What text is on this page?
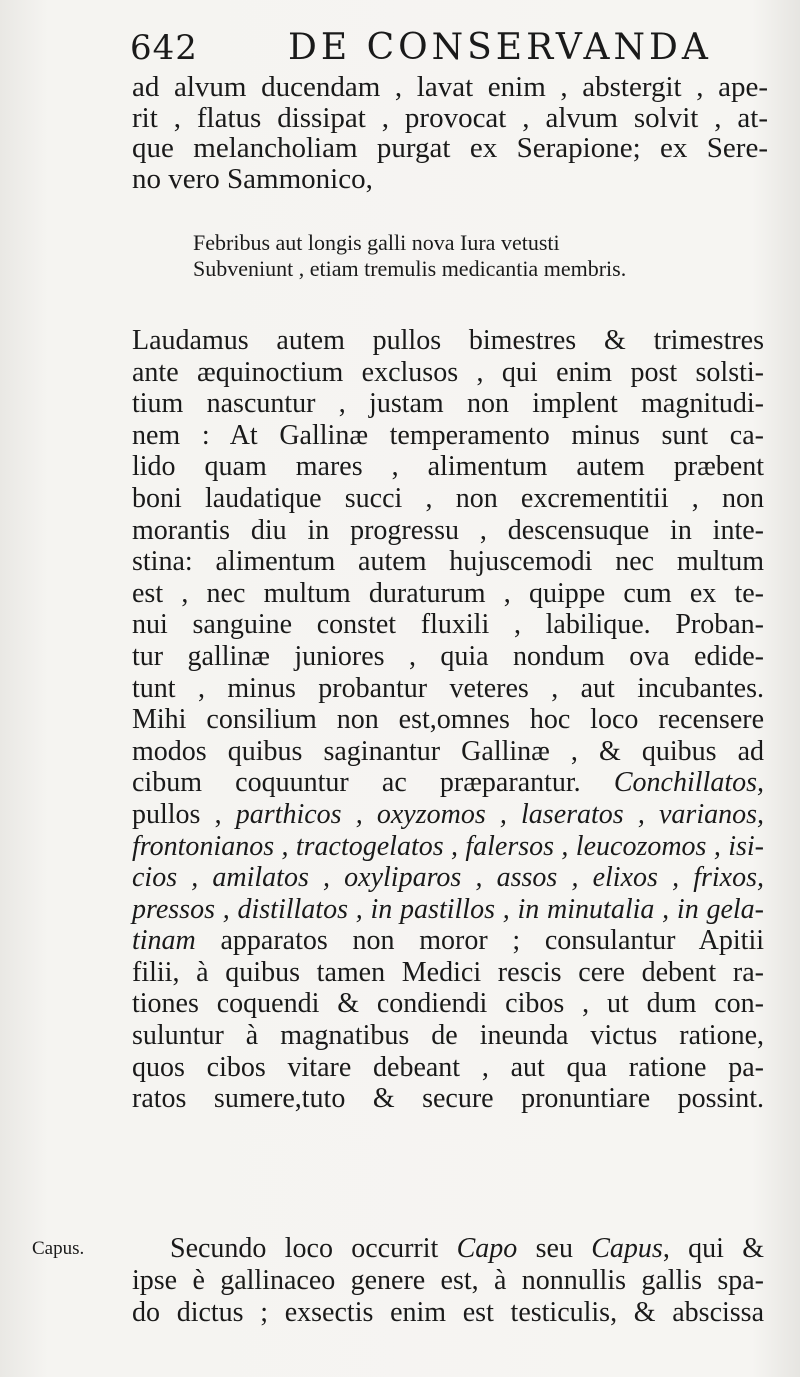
642	DE CONSERVANDA
ad alvum ducendam , lavat enim , abstergit , ape-
rit , flatus dissipat , provocat , alvum solvit , at-
que melancholiam purgat ex Serapione; ex Sere-
no vero Sammonico,
Febribus aut longis galli nova Iura vetusti
Subveniunt , etiam tremulis medicantia membris.
Laudamus autem pullos bimestres & trimestres
ante æquinoctium exclusos , qui enim post solsti-
tium nascuntur , justam non implent magnitudi-
nem : At Gallinæ temperamento minus sunt ca-
lido quam mares , alimentum autem præbent
boni laudatique succi , non excrementitii , non
morantis diu in progressu , descensuque in inte-
stina: alimentum autem hujuscemodi nec multum
est , nec multum duraturum , quippe cum ex te-
nui sanguine constet fluxili , labilique. Proban-
tur gallinæ juniores , quia nondum ova edide-
tunt , minus probantur veteres , aut incubantes.
Mihi consilium non est,omnes hoc loco recensere
modos quibus saginantur Gallinæ , & quibus ad
cibum coquuntur ac præparantur. Conchillatos,
pullos , parthicos , oxyzomos , laseratos , varianos,
frontonianos , tractogelatos , falersos , leucozomos , isi-
cios , amilatos , oxyliparos , assos , elixos , frixos,
pressos , distillatos , in pastillos , in minutalia , in gela-
tinam apparatos non moror ; consulantur Apitii
filii, à quibus tamen Medici rescis cere debent ra-
tiones coquendi & condiendi cibos , ut dum con-
suluntur à magnatibus de ineunda victus ratione,
quos cibos vitare debeant , aut qua ratione pa-
ratos sumere,tuto & secure pronuntiare possint.
Capus.	Secundo loco occurrit Capo seu Capus, qui &
ipse è gallinaceo genere est, à nonnullis gallis spa-
do dictus ; exsectis enim est testiculis, & abscissa
